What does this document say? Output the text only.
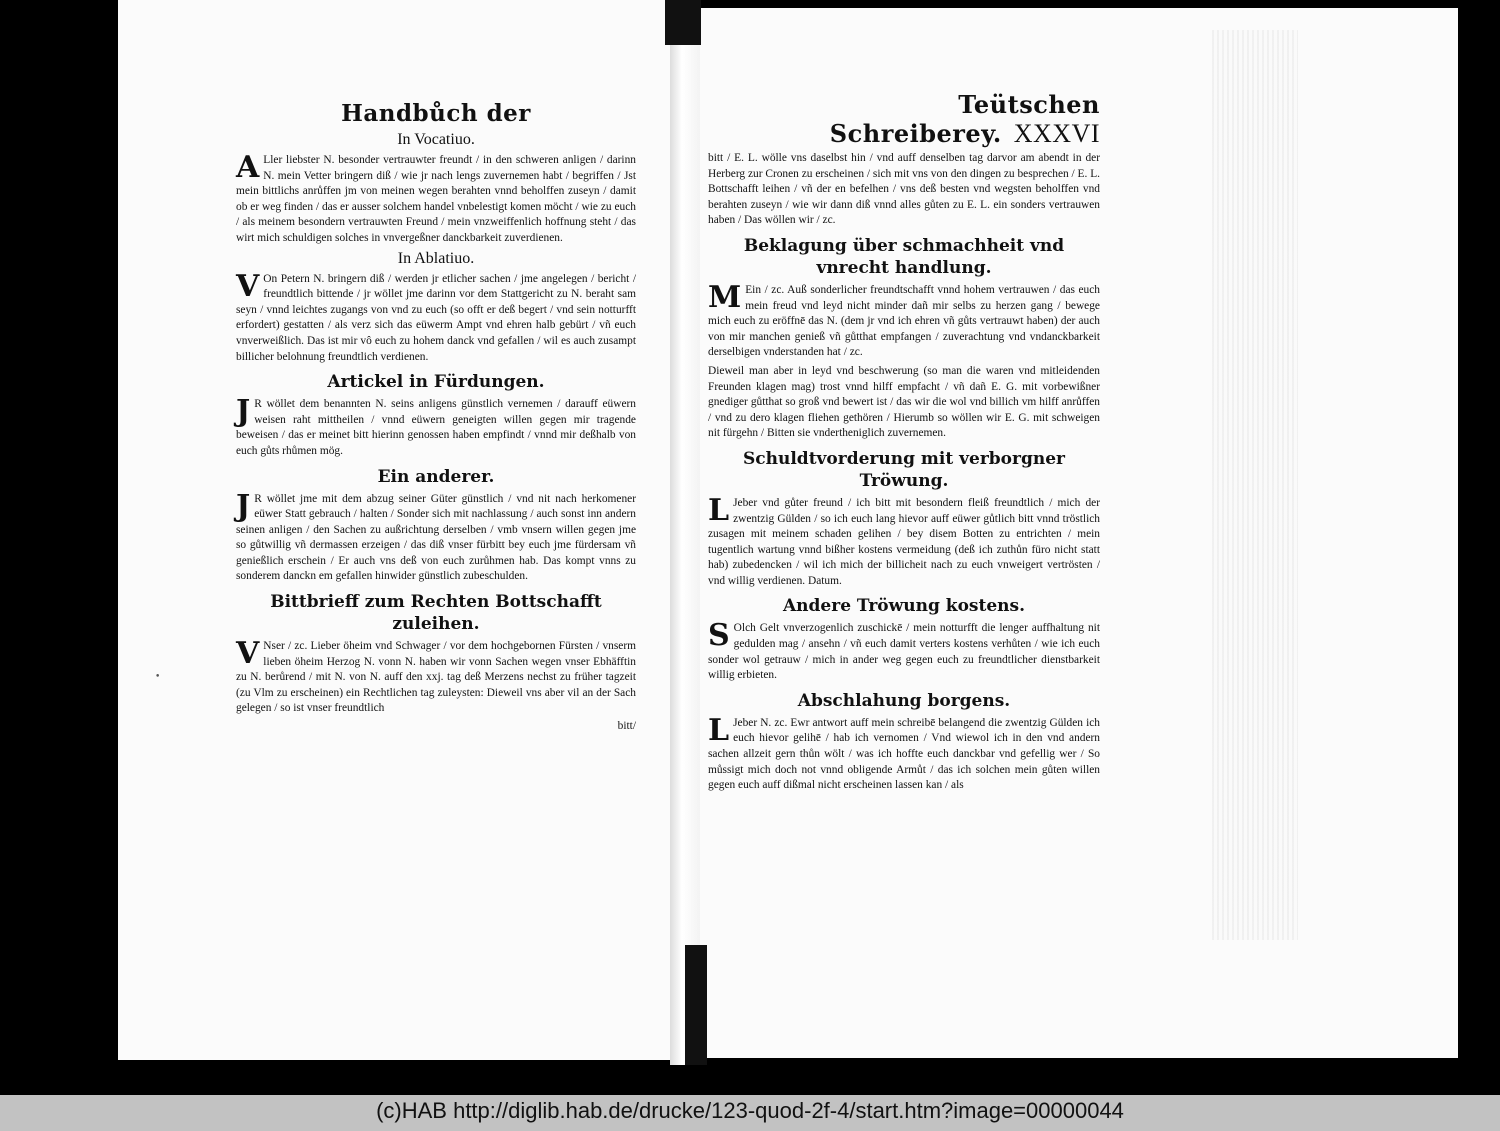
•
Handbůch der
In Vocatiuo.
ALler liebster N. besonder vertrauwter freundt / in den schweren anligen / darinn N. mein Vetter bringern diß / wie jr nach lengs zuvernemen habt / begriffen / Jst mein bittlichs anrůffen jm von meinen wegen berahten vnnd beholffen zuseyn / damit ob er weg finden / das er ausser solchem handel vnbelestigt komen möcht / wie zu euch / als meinem besondern vertrauwten Freund / mein vnzweiffenlich hoffnung steht / das wirt mich schuldigen solches in vnvergeßner danckbarkeit zuverdienen.
In Ablatiuo.
VOn Petern N. bringern diß / werden jr etlicher sachen / jme angelegen / bericht / freundtlich bittende / jr wöllet jme darinn vor dem Stattgericht zu N. beraht sam seyn / vnnd leichtes zugangs von vnd zu euch (so offt er deß begert / vnd sein notturfft erfordert) gestatten / als verz sich das eüwerm Ampt vnd ehren halb gebürt / vñ euch vnverweißlich. Das ist mir vô euch zu hohem danck vnd gefallen / wil es auch zusampt billicher belohnung freundtlich verdienen.
Artickel in Fürdungen.
JR wöllet dem benannten N. seins anligens günstlich vernemen / darauff eüwern weisen raht mittheilen / vnnd eüwern geneigten willen gegen mir tragende beweisen / das er meinet bitt hierinn genossen haben empfindt / vnnd mir deßhalb von euch gůts rhůmen mög.
Ein anderer.
JR wöllet jme mit dem abzug seiner Güter günstlich / vnd nit nach herkomener eüwer Statt gebrauch / halten / Sonder sich mit nachlassung / auch sonst inn andern seinen anligen / den Sachen zu außrichtung derselben / vmb vnsern willen gegen jme so gůtwillig vñ dermassen erzeigen / das diß vnser fürbitt bey euch jme fürdersam vñ genießlich erschein / Er auch vns deß von euch zurůhmen hab. Das kompt vnns zu sonderem danckn em gefallen hinwider günstlich zubeschulden.
Bittbrieff zum Rechten Bottschafft zuleihen.
VNser / zc. Lieber öheim vnd Schwager / vor dem hochgebornen Fürsten / vnserm lieben öheim Herzog N. vonn N. haben wir vonn Sachen wegen vnser Ebhäfftin zu N. berůrend / mit N. von N. auff den xxj. tag deß Merzens nechst zu früher tagzeit (zu Vlm zu erscheinen) ein Rechtlichen tag zuleysten: Dieweil vns aber vil an der Sach gelegen / so ist vnser freundtlich
bitt/
Teütschen Schreiberey. XXXVI
bitt / E. L. wölle vns daselbst hin / vnd auff denselben tag darvor am abendt in der Herberg zur Cronen zu erscheinen / sich mit vns von den dingen zu besprechen / E. L. Bottschafft leihen / vñ der en befelhen / vns deß besten vnd wegsten beholffen vnd berahten zuseyn / wie wir dann diß vnnd alles gůten zu E. L. ein sonders vertrauwen haben / Das wöllen wir / zc.
Beklagung über schmachheit vnd vnrecht handlung.
MEin / zc. Auß sonderlicher freundtschafft vnnd hohem vertrauwen / das euch mein freud vnd leyd nicht minder dañ mir selbs zu herzen gang / bewege mich euch zu eröffnē das N. (dem jr vnd ich ehren vñ gůts vertrauwt haben) der auch von mir manchen genieß vñ gůtthat empfangen / zuverachtung vnd vndanckbarkeit derselbigen vnderstanden hat / zc.
Dieweil man aber in leyd vnd beschwerung (so man die waren vnd mitleidenden Freunden klagen mag) trost vnnd hilff empfacht / vñ dañ E. G. mit vorbewißner gnediger gůtthat so groß vnd bewert ist / das wir die wol vnd billich vm hilff anrůffen / vnd zu dero klagen fliehen gethören / Hierumb so wöllen wir E. G. mit schweigen nit fürgehn / Bitten sie vndertheniglich zuvernemen.
Schuldtvorderung mit verborgner Tröwung.
LJeber vnd gůter freund / ich bitt mit besondern fleiß freundtlich / mich der zwentzig Gülden / so ich euch lang hievor auff eüwer gůtlich bitt vnnd tröstlich zusagen mit meinem schaden gelihen / bey disem Botten zu entrichten / mein tugentlich wartung vnnd bißher kostens vermeidung (deß ich zuthůn füro nicht statt hab) zubedencken / wil ich mich der billicheit nach zu euch vnweigert vertrösten / vnd willig verdienen. Datum.
Andere Tröwung kostens.
SOlch Gelt vnverzogenlich zuschickē / mein notturfft die lenger auffhaltung nit gedulden mag / ansehn / vñ euch damit verters kostens verhůten / wie ich euch sonder wol getrauw / mich in ander weg gegen euch zu freundtlicher dienstbarkeit willig erbieten.
Abschlahung borgens.
LJeber N. zc. Ewr antwort auff mein schreibē belangend die zwentzig Gülden ich euch hievor gelihē / hab ich vernomen / Vnd wiewol ich in den vnd andern sachen allzeit gern thůn wölt / was ich hoffte euch danckbar vnd gefellig wer / So můssigt mich doch not vnnd obligende Armůt / das ich solchen mein gůten willen gegen euch auff dißmal nicht erscheinen lassen kan / als
(c)HAB http://diglib.hab.de/drucke/123-quod-2f-4/start.htm?image=00000044
